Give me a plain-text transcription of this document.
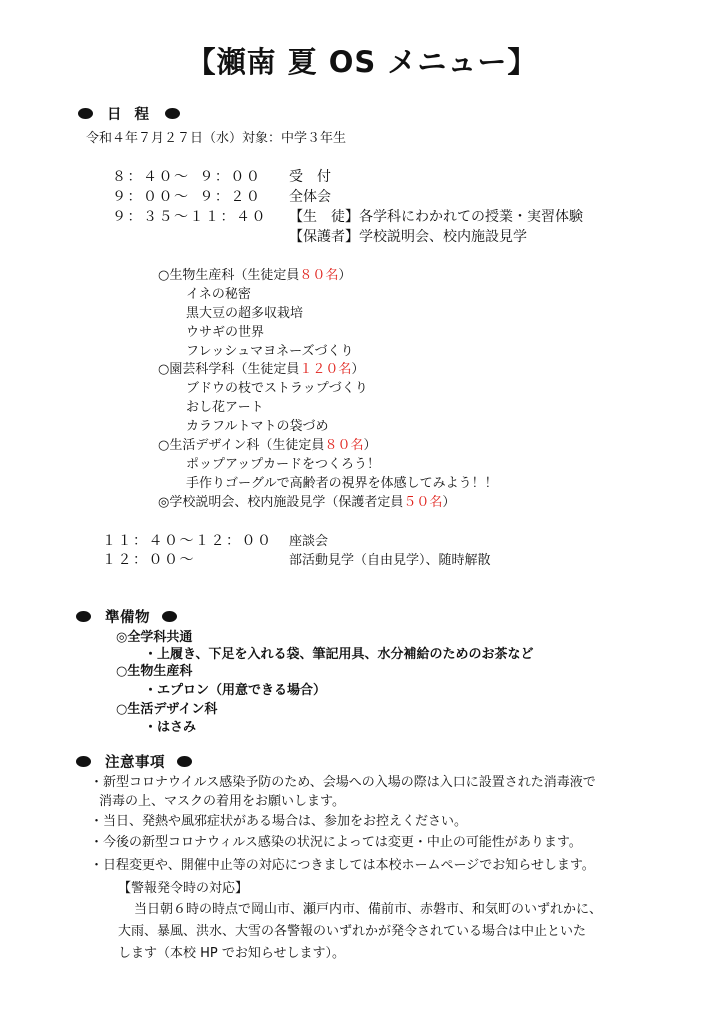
【瀬南 夏 OS メニュー】
日 程
令和４年７月２７日（水）対象：中学３年生
８：４０～ ９：００ 受　付
９：００～ ９：２０ 全体会
９：３５～１１：４０ 【生　徒】各学科にわかれての授業・実習体験
【保護者】学校説明会、校内施設見学
○生物生産科（生徒定員８０名）
イネの秘密
黒大豆の超多収栽培
ウサギの世界
フレッシュマヨネーズづくり
○園芸科学科（生徒定員１２０名）
ブドウの枝でストラップづくり
おし花アート
カラフルトマトの袋づめ
○生活デザイン科（生徒定員８０名）
ポップアップカードをつくろう！
手作りゴーグルで高齢者の視界を体感してみよう！！
◎学校説明会、校内施設見学（保護者定員５０名）
１１：４０～１２：００ 座談会
１２：００～	部活動見学（自由見学）、随時解散
準備物
◎全学科共通
・上履き、下足を入れる袋、筆記用具、水分補給のためのお茶など
○生物生産科
・エプロン（用意できる場合）
○生活デザイン科
・はさみ
注意事項
・新型コロナウイルス感染予防のため、会場への入場の際は入口に設置された消毒液で
消毒の上、マスクの着用をお願いします。
・当日、発熱や風邪症状がある場合は、参加をお控えください。
・今後の新型コロナウィルス感染の状況によっては変更・中止の可能性があります。
・日程変更や、開催中止等の対応につきましては本校ホームページでお知らせします。
【警報発令時の対応】
当日朝６時の時点で岡山市、瀬戸内市、備前市、赤磐市、和気町のいずれかに、
大雨、暴風、洪水、大雪の各警報のいずれかが発令されている場合は中止といた
します（本校 HP でお知らせします）。
